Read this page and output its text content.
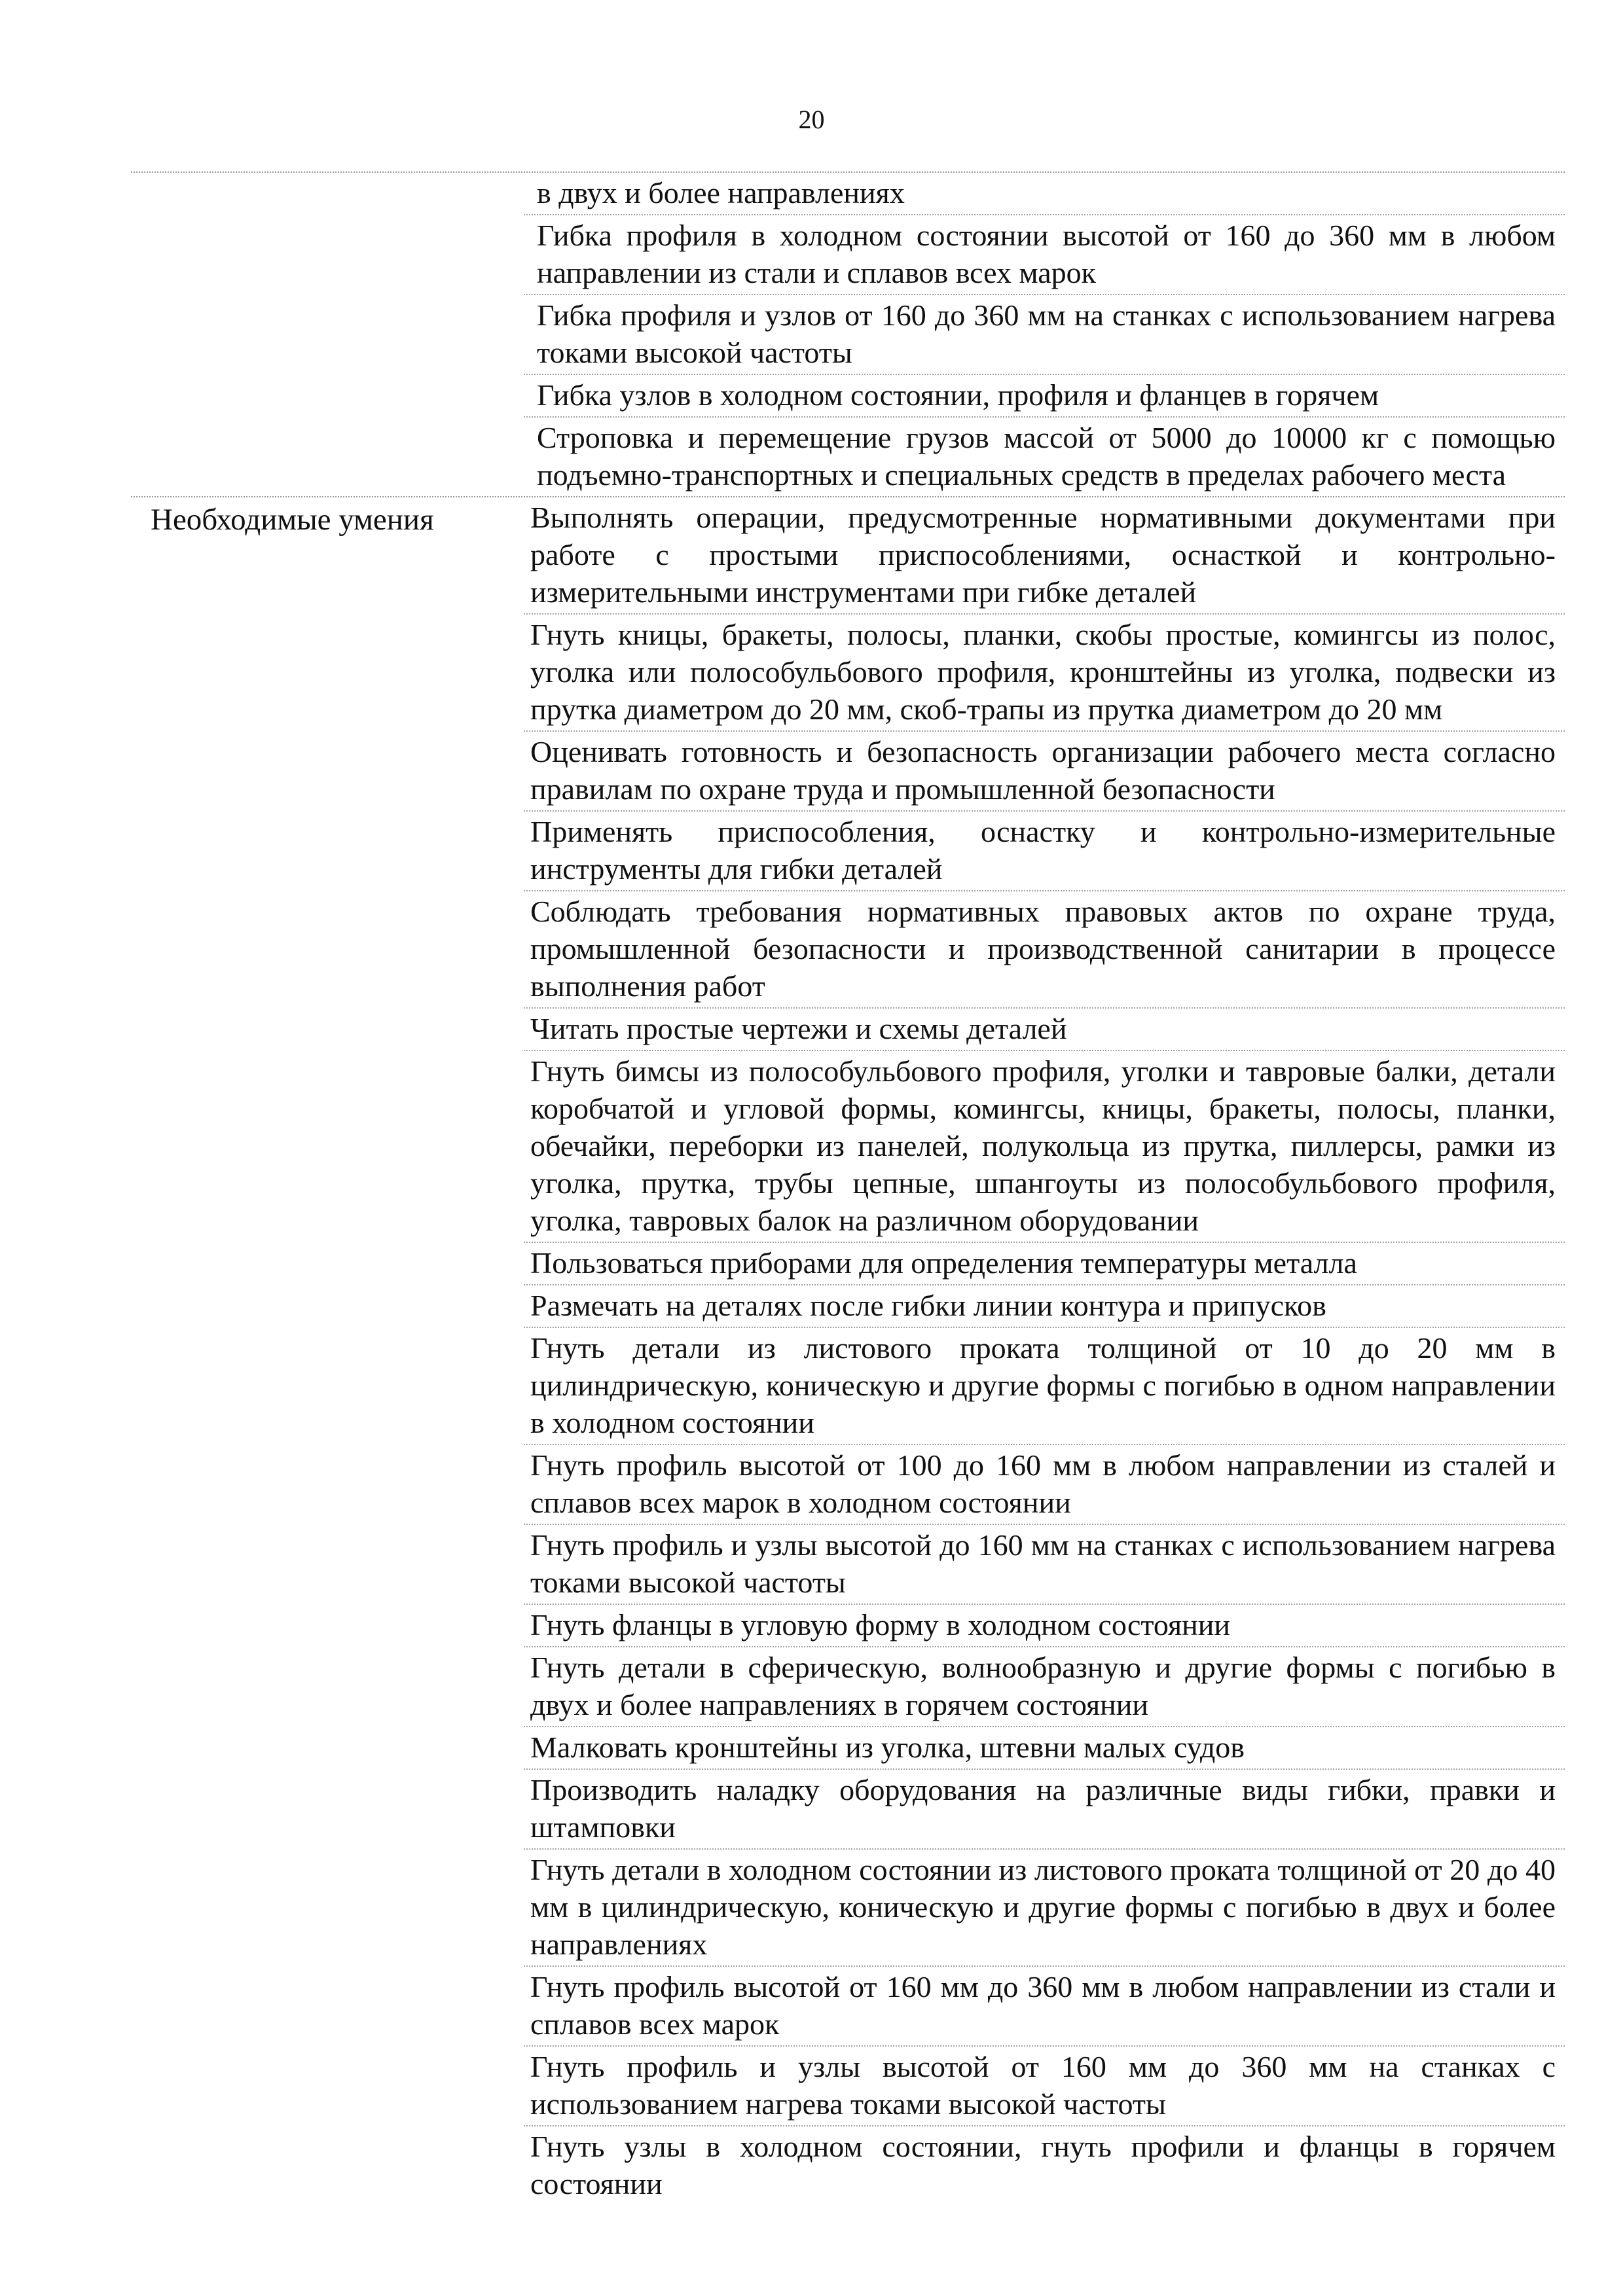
20
в двух и более направлениях
Гибка профиля в холодном состоянии высотой от 160 до 360 мм в любом направлении из стали и сплавов всех марок
Гибка профиля и узлов от 160 до 360 мм на станках с использованием нагрева токами высокой частоты
Гибка узлов в холодном состоянии, профиля и фланцев в горячем
Строповка и перемещение грузов массой от 5000 до 10000 кг с помощью подъемно-транспортных и специальных средств в пределах рабочего места
Необходимые умения	Выполнять операции, предусмотренные нормативными документами при работе с простыми приспособлениями, оснасткой и контрольно-измерительными инструментами при гибке деталей
Гнуть кницы, бракеты, полосы, планки, скобы простые, комингсы из полос, уголка или полособульбового профиля, кронштейны из уголка, подвески из прутка диаметром до 20 мм, скоб-трапы из прутка диаметром до 20 мм
Оценивать готовность и безопасность организации рабочего места согласно правилам по охране труда и промышленной безопасности
Применять приспособления, оснастку и контрольно-измерительные инструменты для гибки деталей
Соблюдать требования нормативных правовых актов по охране труда, промышленной безопасности и производственной санитарии в процессе выполнения работ
Читать простые чертежи и схемы деталей
Гнуть бимсы из полособульбового профиля, уголки и тавровые балки, детали коробчатой и угловой формы, комингсы, кницы, бракеты, полосы, планки, обечайки, переборки из панелей, полукольца из прутка, пиллерсы, рамки из уголка, прутка, трубы цепные, шпангоуты из полособульбового профиля, уголка, тавровых балок на различном оборудовании
Пользоваться приборами для определения температуры металла
Размечать на деталях после гибки линии контура и припусков
Гнуть детали из листового проката толщиной от 10 до 20 мм в цилиндрическую, коническую и другие формы с погибью в одном направлении в холодном состоянии
Гнуть профиль высотой от 100 до 160 мм в любом направлении из сталей и сплавов всех марок в холодном состоянии
Гнуть профиль и узлы высотой до 160 мм на станках с использованием нагрева токами высокой частоты
Гнуть фланцы в угловую форму в холодном состоянии
Гнуть детали в сферическую, волнообразную и другие формы с погибью в двух и более направлениях в горячем состоянии
Малковать кронштейны из уголка, штевни малых судов
Производить наладку оборудования на различные виды гибки, правки и штамповки
Гнуть детали в холодном состоянии из листового проката толщиной от 20 до 40 мм в цилиндрическую, коническую и другие формы с погибью в двух и более направлениях
Гнуть профиль высотой от 160 мм до 360 мм в любом направлении из стали и сплавов всех марок
Гнуть профиль и узлы высотой от 160 мм до 360 мм на станках с использованием нагрева токами высокой частоты
Гнуть узлы в холодном состоянии, гнуть профили и фланцы в горячем состоянии
